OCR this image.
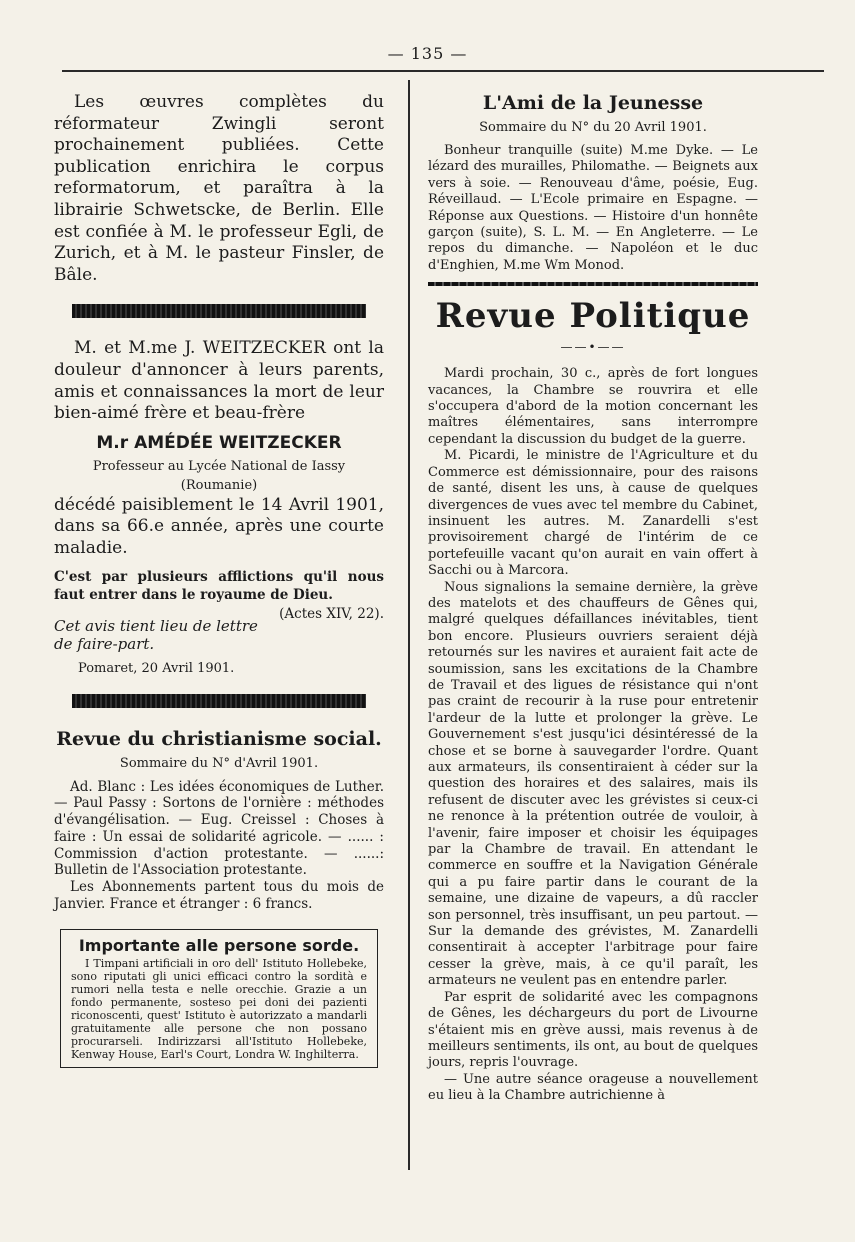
— 135 —

Les œuvres complètes du réformateur Zwingli seront prochainement publiées. Cette publication enrichira le corpus reformatorum, et paraîtra à la librairie Schwetscke, de Berlin. Elle est confiée à M. le professeur Egli, de Zurich, et à M. le pasteur Finsler, de Bâle.

M. et M.me J. WEITZECKER ont la douleur d'annoncer à leurs parents, amis et connaissances la mort de leur bien-aimé frère et beau-frère

M.r AMÉDÉE WEITZECKER

Professeur au Lycée National de Iassy

(Roumanie)

décédé paisiblement le 14 Avril 1901, dans sa 66.e année, après une courte maladie.

C'est par plusieurs afflictions qu'il nous faut entrer dans le royaume de Dieu.
(Actes XIV, 22).

Cet avis tient lieu de lettre de faire-part.

Pomaret, 20 Avril 1901.

Revue du christianisme social.
Sommaire du N° d'Avril 1901.

Ad. Blanc : Les idées économiques de Luther. — Paul Passy : Sortons de l'ornière : méthodes d'évangélisation. — Eug. Creissel : Choses à faire : Un essai de solidarité agricole. — ...... : Commission d'action protestante. — ......: Bulletin de l'Association protestante.

Les Abonnements partent tous du mois de Janvier. France et étranger : 6 francs.

Importante alle persone sorde.

I Timpani artificiali in oro dell' Istituto Hollebeke, sono riputati gli unici efficaci contro la sordità e rumori nella testa e nelle orecchie. Grazie a un fondo permanente, sosteso pei doni dei pazienti riconoscenti, quest' Istituto è autorizzato a mandarli gratuitamente alle persone che non possano procurarseli. Indirizzarsi all'Istituto Hollebeke, Kenway House, Earl's Court, Londra W. Inghilterra.

L'Ami de la Jeunesse
Sommaire du N° du 20 Avril 1901.

Bonheur tranquille (suite) M.me Dyke. — Le lézard des murailles, Philomathe. — Beignets aux vers à soie. — Renouveau d'âme, poésie, Eug. Réveillaud. — L'Ecole primaire en Espagne. — Réponse aux Questions. — Histoire d'un honnête garçon (suite), S. L. M. — En Angleterre. — Le repos du dimanche. — Napoléon et le duc d'Enghien, M.me Wm Monod.

Revue Politique
——•——

Mardi prochain, 30 c., après de fort longues vacances, la Chambre se rouvrira et elle s'occupera d'abord de la motion concernant les maîtres élémentaires, sans interrompre cependant la discussion du budget de la guerre.

M. Picardi, le ministre de l'Agriculture et du Commerce est démissionnaire, pour des raisons de santé, disent les uns, à cause de quelques divergences de vues avec tel membre du Cabinet, insinuent les autres. M. Zanardelli s'est provisoirement chargé de l'intérim de ce portefeuille vacant qu'on aurait en vain offert à Sacchi ou à Marcora.

Nous signalions la semaine dernière, la grève des matelots et des chauffeurs de Gênes qui, malgré quelques défaillances inévitables, tient bon encore. Plusieurs ouvriers seraient déjà retournés sur les navires et auraient fait acte de soumission, sans les excitations de la Chambre de Travail et des ligues de résistance qui n'ont pas craint de recourir à la ruse pour entretenir l'ardeur de la lutte et prolonger la grève. Le Gouvernement s'est jusqu'ici désintéressé de la chose et se borne à sauvegarder l'ordre. Quant aux armateurs, ils consentiraient à céder sur la question des horaires et des salaires, mais ils refusent de discuter avec les grévistes si ceux-ci ne renonce à la prétention outrée de vouloir, à l'avenir, faire imposer et choisir les équipages par la Chambre de travail. En attendant le commerce en souffre et la Navigation Générale qui a pu faire partir dans le courant de la semaine, une dizaine de vapeurs, a dû raccler son personnel, très insuffisant, un peu partout. — Sur la demande des grévistes, M. Zanardelli consentirait à accepter l'arbitrage pour faire cesser la grève, mais, à ce qu'il paraît, les armateurs ne veulent pas en entendre parler.

Par esprit de solidarité avec les compagnons de Gênes, les déchargeurs du port de Livourne s'étaient mis en grève aussi, mais revenus à de meilleurs sentiments, ils ont, au bout de quelques jours, repris l'ouvrage.

— Une autre séance orageuse a nouvellement eu lieu à la Chambre autrichienne à
